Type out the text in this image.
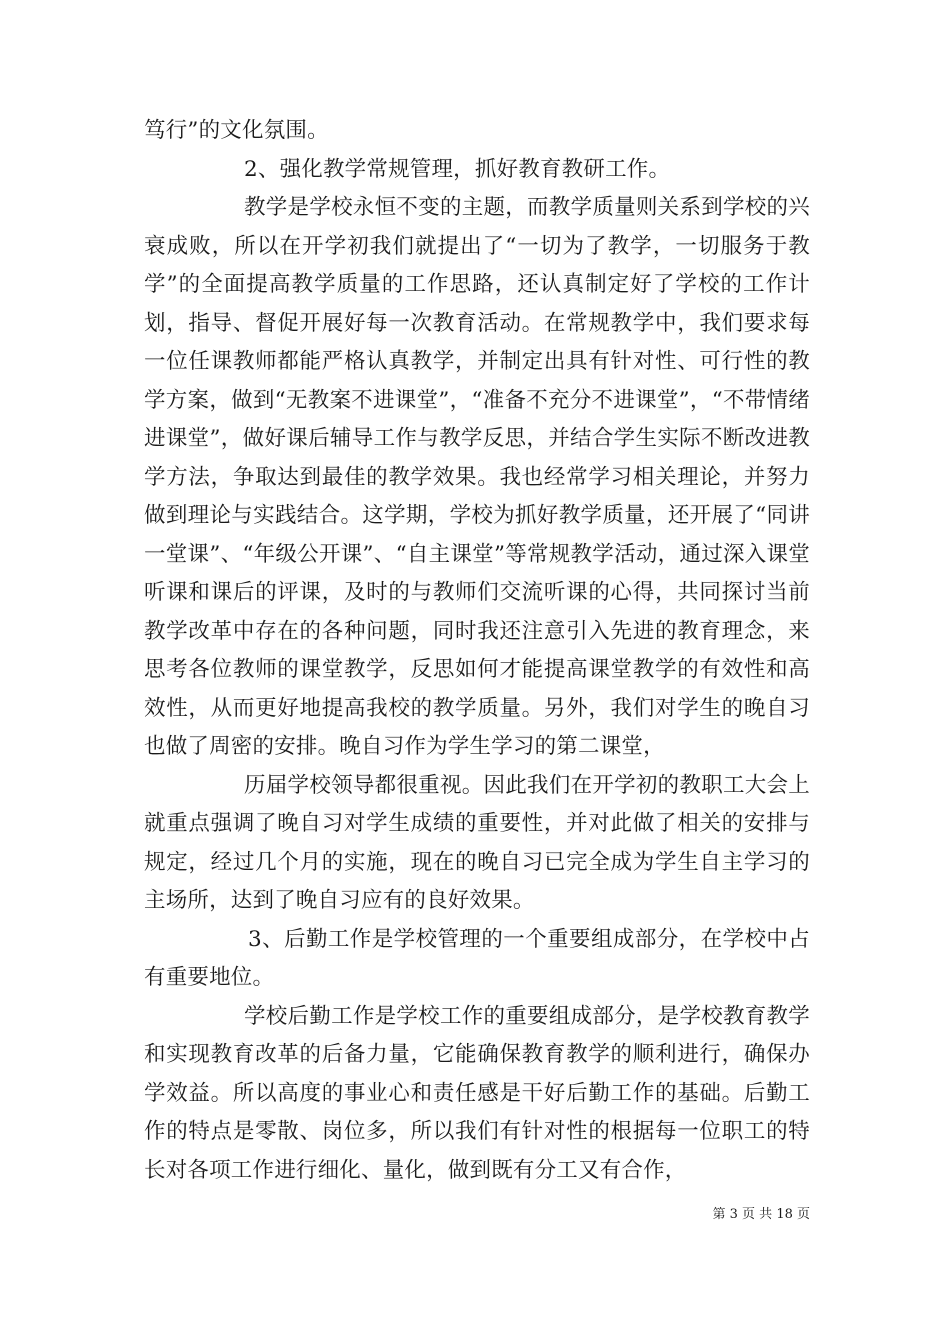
笃行”的文化氛围。

2、强化教学常规管理，抓好教育教研工作。

教学是学校永恒不变的主题，而教学质量则关系到学校的兴衰成败，所以在开学初我们就提出了“一切为了教学，一切服务于教学”的全面提高教学质量的工作思路，还认真制定好了学校的工作计划，指导、督促开展好每一次教育活动。在常规教学中，我们要求每一位任课教师都能严格认真教学，并制定出具有针对性、可行性的教学方案，做到“无教案不进课堂”，“准备不充分不进课堂”，“不带情绪进课堂”，做好课后辅导工作与教学反思，并结合学生实际不断改进教学方法，争取达到最佳的教学效果。我也经常学习相关理论，并努力做到理论与实践结合。这学期，学校为抓好教学质量，还开展了“同讲一堂课”、“年级公开课”、“自主课堂”等常规教学活动，通过深入课堂听课和课后的评课，及时的与教师们交流听课的心得，共同探讨当前教学改革中存在的各种问题，同时我还注意引入先进的教育理念，来思考各位教师的课堂教学，反思如何才能提高课堂教学的有效性和高效性，从而更好地提高我校的教学质量。另外，我们对学生的晚自习也做了周密的安排。晚自习作为学生学习的第二课堂，

历届学校领导都很重视。因此我们在开学初的教职工大会上就重点强调了晚自习对学生成绩的重要性，并对此做了相关的安排与规定，经过几个月的实施，现在的晚自习已完全成为学生自主学习的主场所，达到了晚自习应有的良好效果。

3、后勤工作是学校管理的一个重要组成部分，在学校中占有重要地位。

学校后勤工作是学校工作的重要组成部分，是学校教育教学和实现教育改革的后备力量，它能确保教育教学的顺利进行，确保办学效益。所以高度的事业心和责任感是干好后勤工作的基础。后勤工作的特点是零散、岗位多，所以我们有针对性的根据每一位职工的特长对各项工作进行细化、量化，做到既有分工又有合作，

第 3 页 共 18 页
